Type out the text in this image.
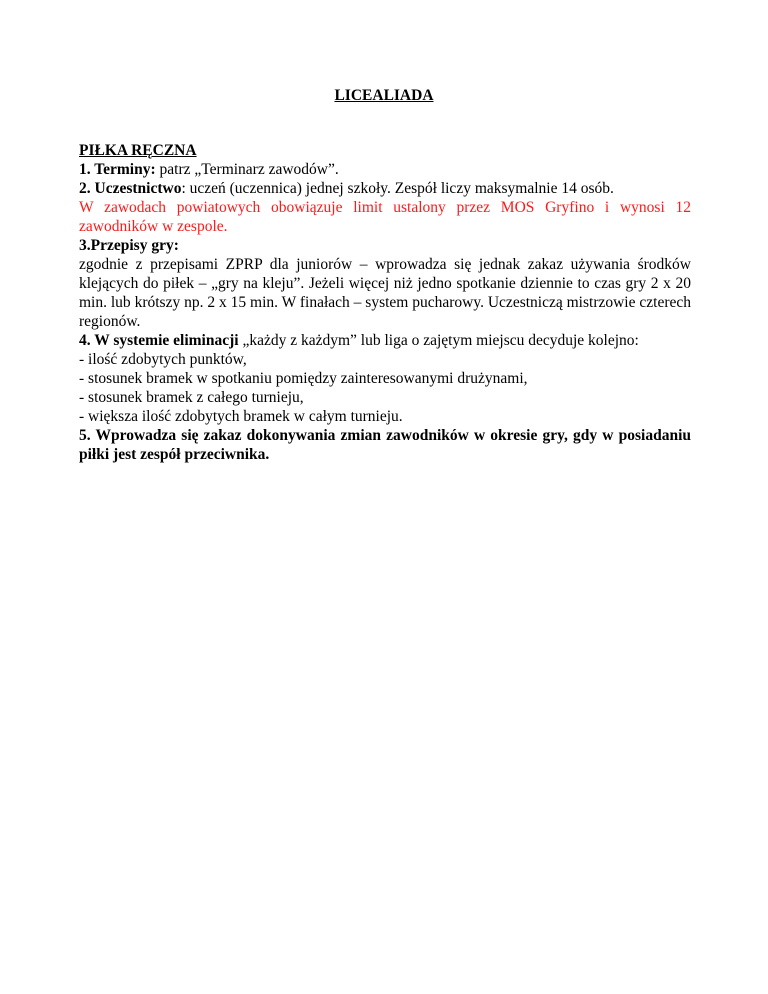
LICEALIADA

PIŁKA RĘCZNA

1. Terminy: patrz „Terminarz zawodów”.

2. Uczestnictwo: uczeń (uczennica) jednej szkoły. Zespół liczy maksymalnie 14 osób.

W zawodach powiatowych obowiązuje limit ustalony przez MOS Gryfino i wynosi 12 zawodników w zespole.

3.Przepisy gry:

zgodnie z przepisami ZPRP dla juniorów – wprowadza się jednak zakaz używania środków klejących do piłek – „gry na kleju”. Jeżeli więcej niż jedno spotkanie dziennie to czas gry 2 x 20 min. lub krótszy np. 2 x 15 min. W finałach – system pucharowy. Uczestniczą mistrzowie czterech regionów.

4. W systemie eliminacji „każdy z każdym” lub liga o zajętym miejscu decyduje kolejno:

- ilość zdobytych punktów,

- stosunek bramek w spotkaniu pomiędzy zainteresowanymi drużynami,

- stosunek bramek z całego turnieju,

- większa ilość zdobytych bramek w całym turnieju.

5. Wprowadza się zakaz dokonywania zmian zawodników w okresie gry, gdy w posiadaniu piłki jest zespół przeciwnika.
